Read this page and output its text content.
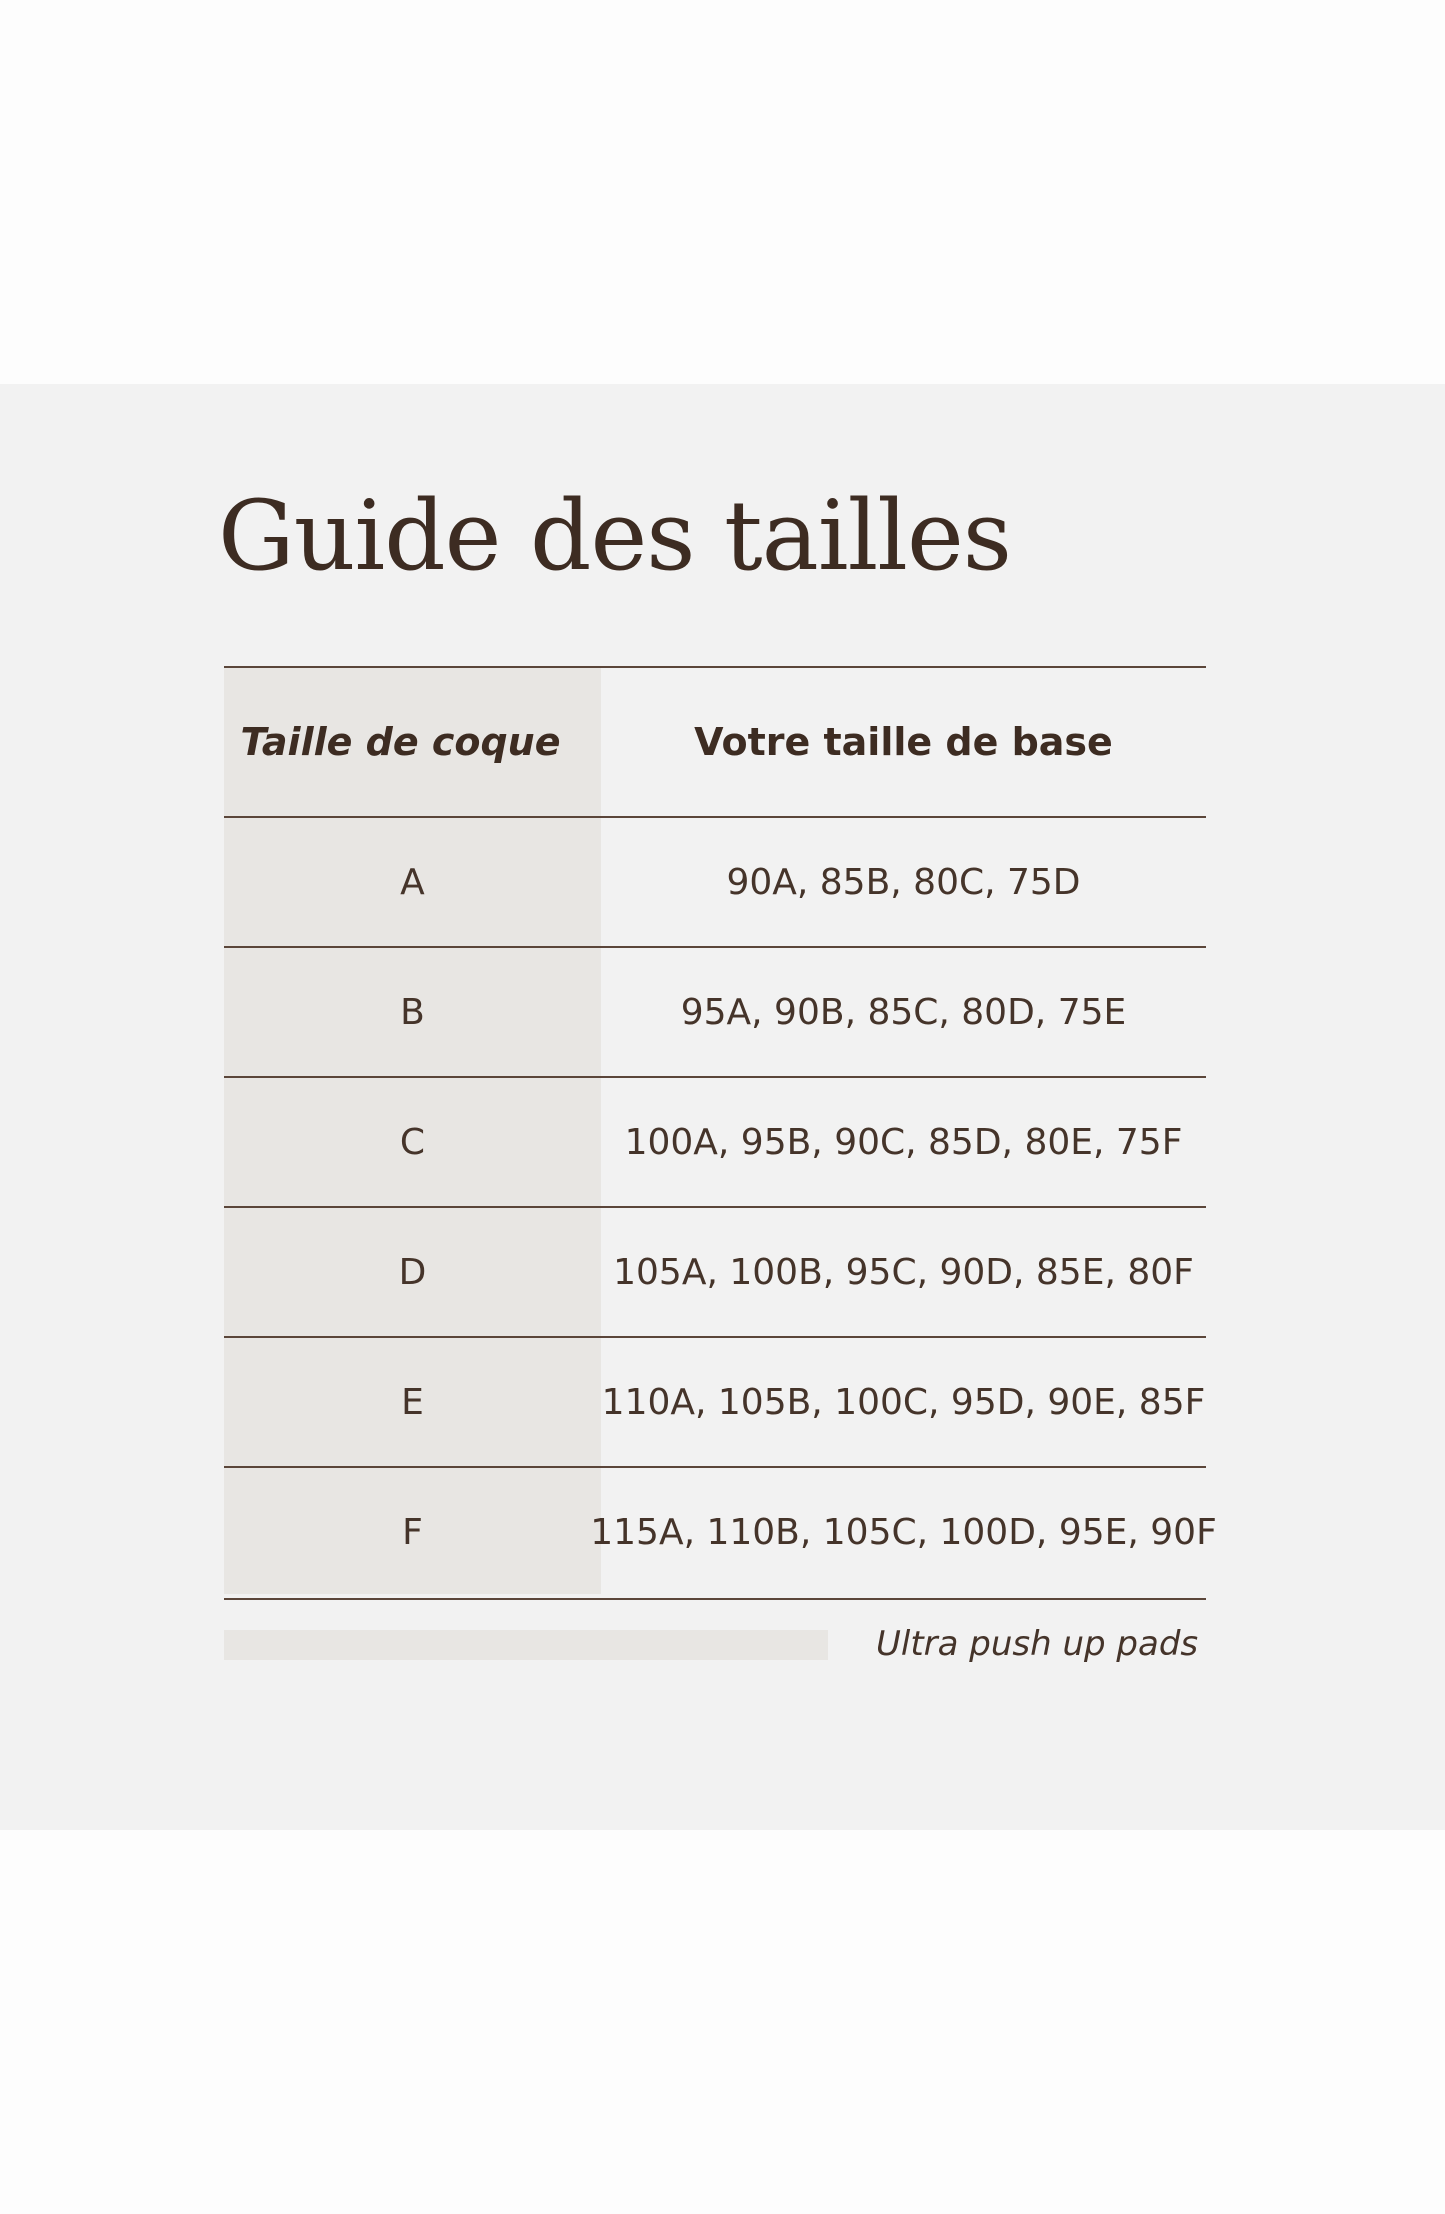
Guide des tailles
Taille de coque	Votre taille de base
A	90A, 85B, 80C, 75D
B	95A, 90B, 85C, 80D, 75E
C	100A, 95B, 90C, 85D, 80E, 75F
D	105A, 100B, 95C, 90D, 85E, 80F
E	110A, 105B, 100C, 95D, 90E, 85F
F	115A, 110B, 105C, 100D, 95E, 90F
Ultra push up pads
